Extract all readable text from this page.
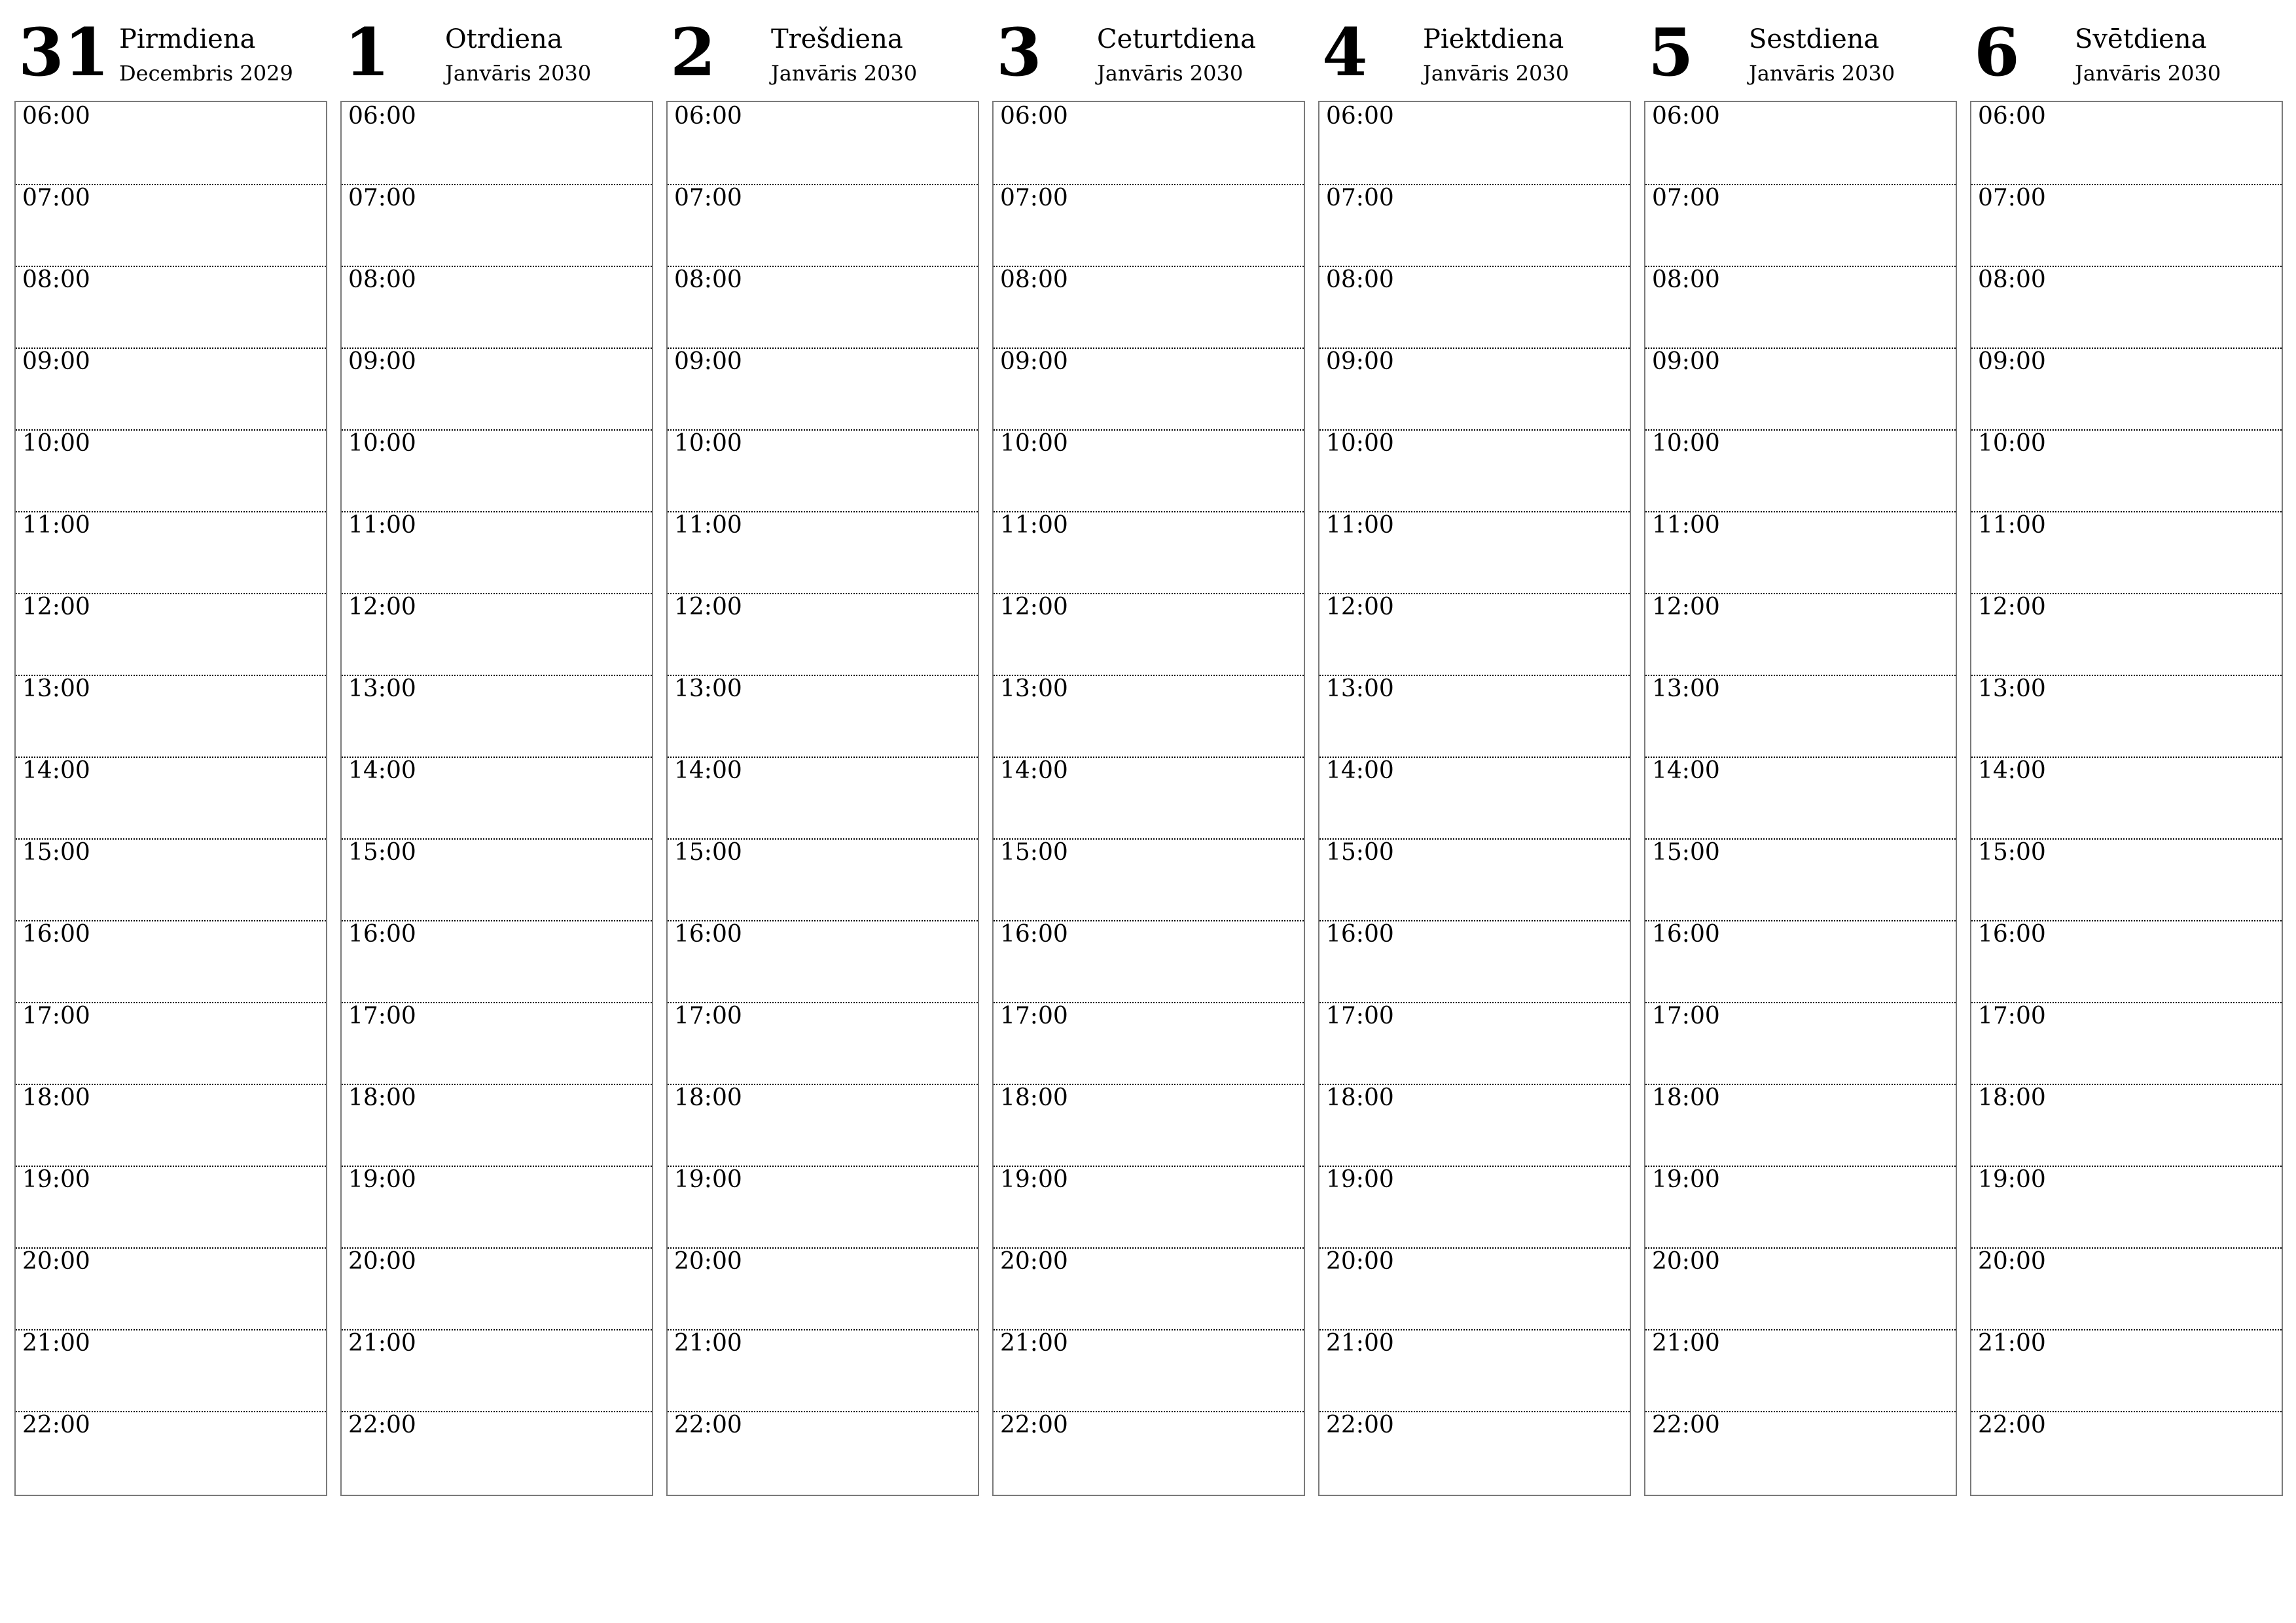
31 Pirmdiena
Decembris 2029
06:00
07:00
08:00
09:00
10:00
11:00
12:00
13:00
14:00
15:00
16:00
17:00
18:00
19:00
20:00
21:00
22:00
1 Otrdiena
Janvāris 2030
06:00
07:00
08:00
09:00
10:00
11:00
12:00
13:00
14:00
15:00
16:00
17:00
18:00
19:00
20:00
21:00
22:00
2 Trešdiena
Janvāris 2030
06:00
07:00
08:00
09:00
10:00
11:00
12:00
13:00
14:00
15:00
16:00
17:00
18:00
19:00
20:00
21:00
22:00
3 Ceturtdiena
Janvāris 2030
06:00
07:00
08:00
09:00
10:00
11:00
12:00
13:00
14:00
15:00
16:00
17:00
18:00
19:00
20:00
21:00
22:00
4 Piektdiena
Janvāris 2030
06:00
07:00
08:00
09:00
10:00
11:00
12:00
13:00
14:00
15:00
16:00
17:00
18:00
19:00
20:00
21:00
22:00
5 Sestdiena
Janvāris 2030
06:00
07:00
08:00
09:00
10:00
11:00
12:00
13:00
14:00
15:00
16:00
17:00
18:00
19:00
20:00
21:00
22:00
6 Svētdiena
Janvāris 2030
06:00
07:00
08:00
09:00
10:00
11:00
12:00
13:00
14:00
15:00
16:00
17:00
18:00
19:00
20:00
21:00
22:00
